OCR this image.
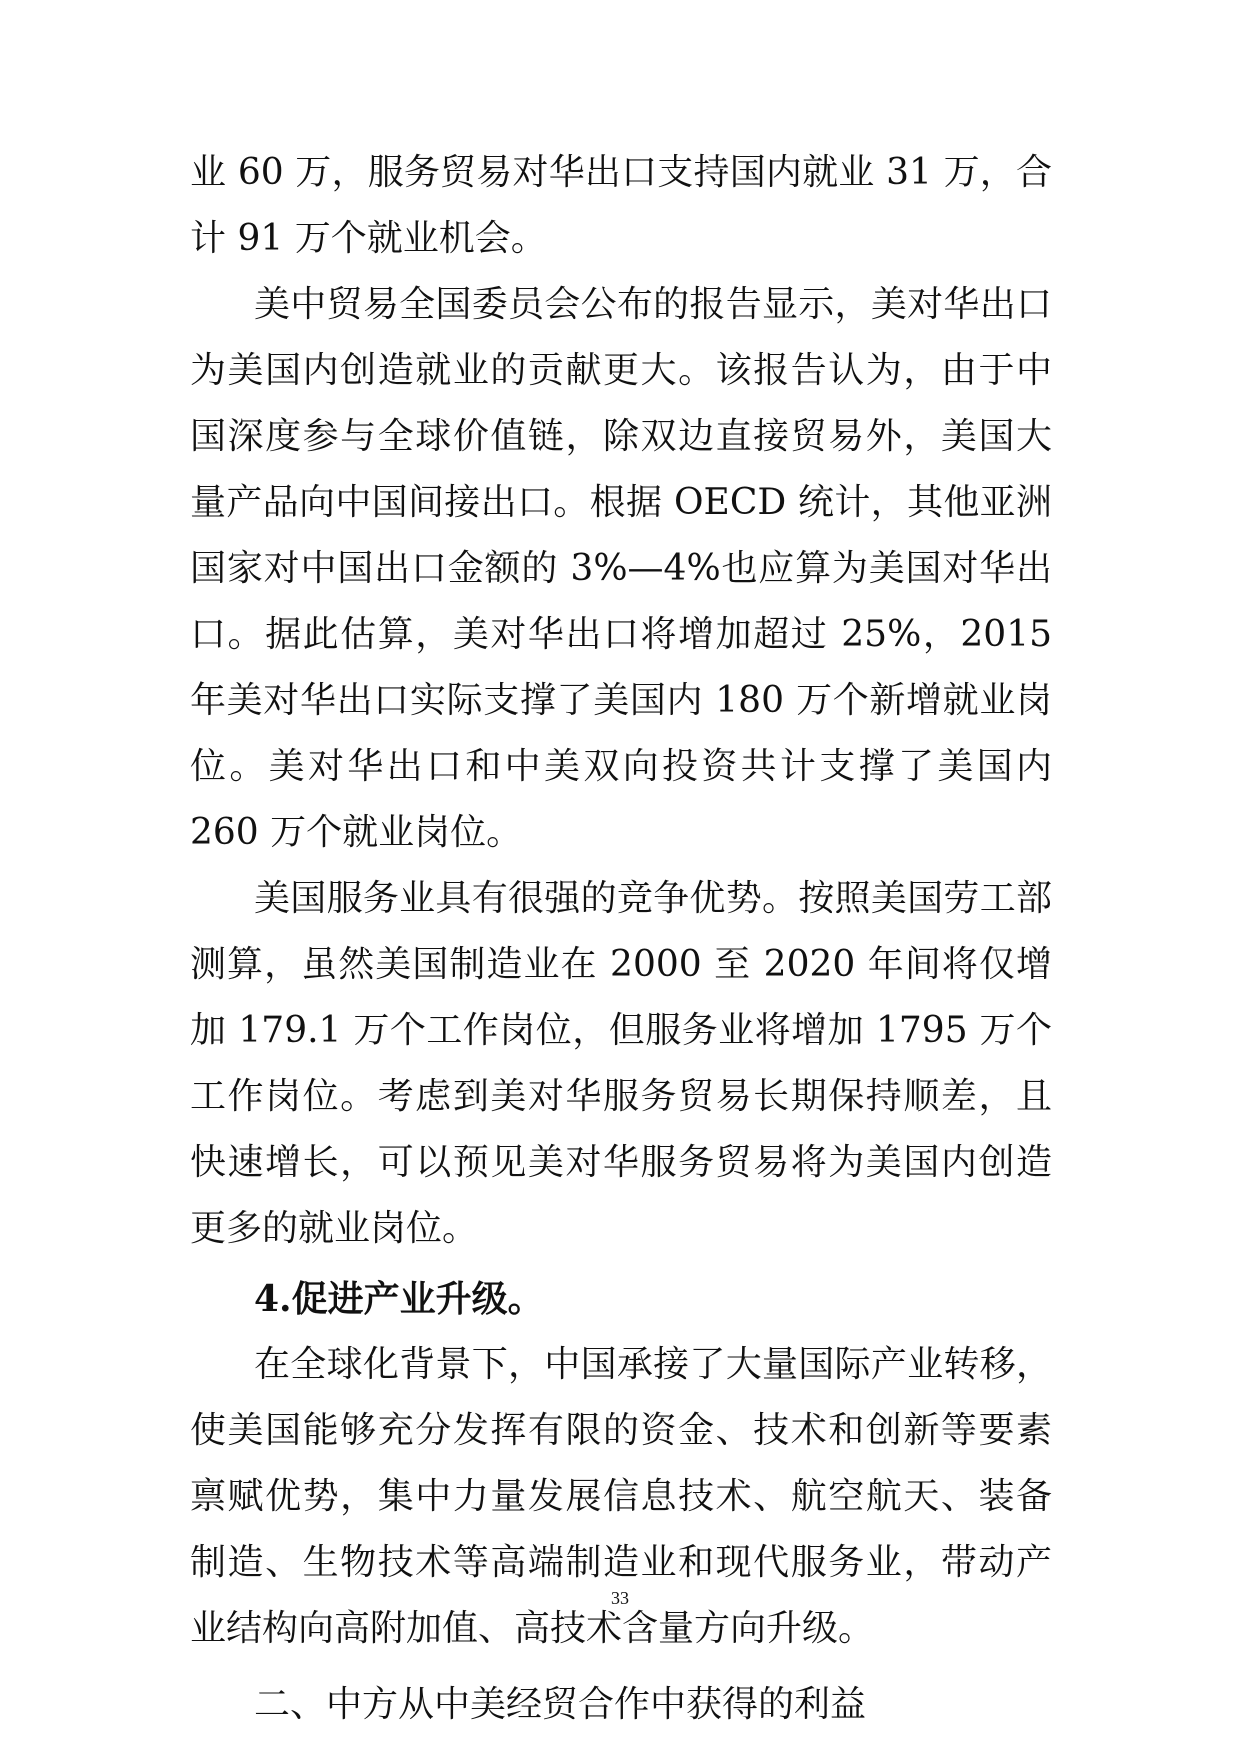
业 60 万，服务贸易对华出口支持国内就业 31 万，合计 91 万个就业机会。

美中贸易全国委员会公布的报告显示，美对华出口为美国内创造就业的贡献更大。该报告认为，由于中国深度参与全球价值链，除双边直接贸易外，美国大量产品向中国间接出口。根据 OECD 统计，其他亚洲国家对中国出口金额的 3%—4%也应算为美国对华出口。据此估算，美对华出口将增加超过 25%，2015 年美对华出口实际支撑了美国内 180 万个新增就业岗位。美对华出口和中美双向投资共计支撑了美国内 260 万个就业岗位。

美国服务业具有很强的竞争优势。按照美国劳工部测算，虽然美国制造业在 2000 至 2020 年间将仅增加 179.1 万个工作岗位，但服务业将增加 1795 万个工作岗位。考虑到美对华服务贸易长期保持顺差，且快速增长，可以预见美对华服务贸易将为美国内创造更多的就业岗位。

4.促进产业升级。

在全球化背景下，中国承接了大量国际产业转移，使美国能够充分发挥有限的资金、技术和创新等要素禀赋优势，集中力量发展信息技术、航空航天、装备制造、生物技术等高端制造业和现代服务业，带动产业结构向高附加值、高技术含量方向升级。

二、中方从中美经贸合作中获得的利益

33
